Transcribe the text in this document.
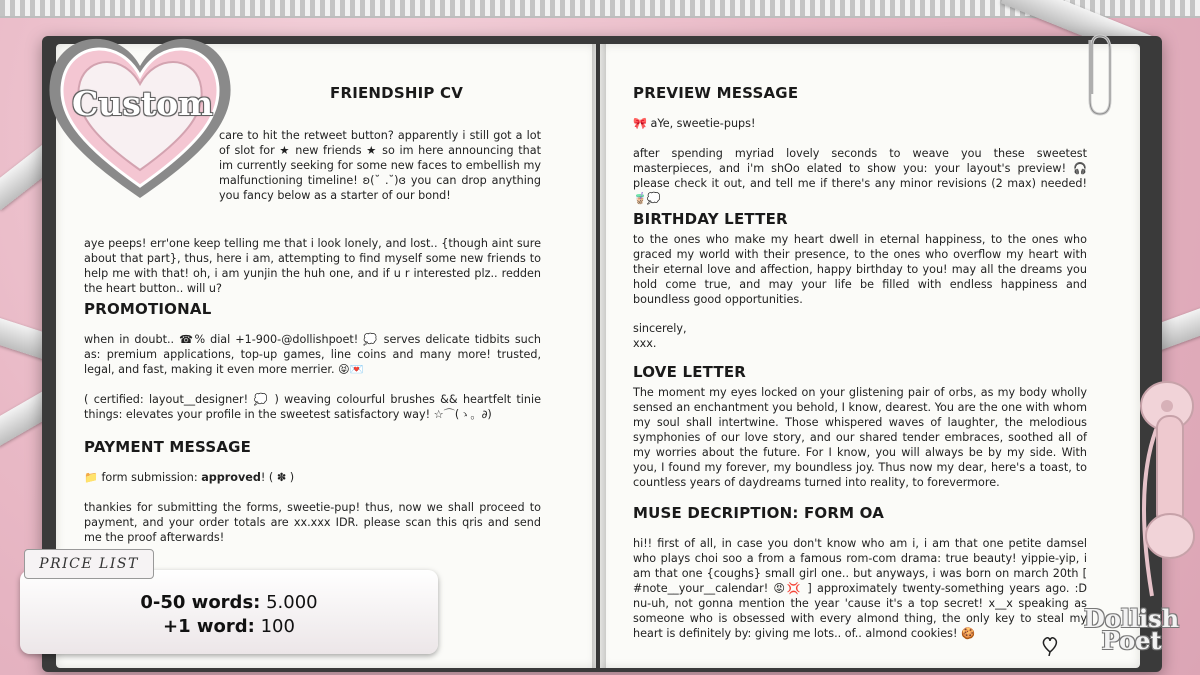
Custom	FRIENDSHIP CV
care to hit the retweet button? apparently i still got a lot of slot for ★ new friends ★ so im here announcing that im currently seeking for some new faces to embellish my malfunctioning timeline! ʚ(˘ .˘)ɞ you can drop anything you fancy below as a starter of our bond!
aye peeps! err'one keep telling me that i look lonely, and lost.. {though aint sure about that part}, thus, here i am, attempting to find myself some new friends to help me with that! oh, i am yunjin the huh one, and if u r interested plz.. redden the heart button.. will u?
PROMOTIONAL
when in doubt.. ☎% dial +1-900-@dollishpoet! 💭 serves delicate tidbits such as: premium applications, top-up games, line coins and many more! trusted, legal, and fast, making it even more merrier. 😝💌
( certified: layout__designer! 💭 ) weaving colourful brushes && heartfelt tinie things: elevates your profile in the sweetest satisfactory way! ☆⌒(ゝ。∂)
PAYMENT MESSAGE
📁 form submission: approved! ( ✽ )
thankies for submitting the forms, sweetie-pup! thus, now we shall proceed to payment, and your order totals are xx.xxx IDR. please scan this qris and send me the proof afterwards!
0-50 words: 5.000
+1 word: 100
PRICE LIST
PREVIEW MESSAGE
🎀 aYe, sweetie-pups!
after spending myriad lovely seconds to weave you these sweetest masterpieces, and i'm shOo elated to show you: your layout's preview! 🎧 please check it out, and tell me if there's any minor revisions (2 max) needed! 🧋💭
BIRTHDAY LETTER
to the ones who make my heart dwell in eternal happiness, to the ones who graced my world with their presence, to the ones who overflow my heart with their eternal love and affection, happy birthday to you! may all the dreams you hold come true, and may your life be filled with endless happiness and boundless good opportunities.
sincerely,
xxx.
LOVE LETTER
The moment my eyes locked on your glistening pair of orbs, as my body wholly sensed an enchantment you behold, I know, dearest. You are the one with whom my soul shall intertwine. Those whispered waves of laughter, the melodious symphonies of our love story, and our shared tender embraces, soothed all of my worries about the future. For I know, you will always be by my side. With you, I found my forever, my boundless joy. Thus now my dear, here's a toast, to countless years of daydreams turned into reality, to forevermore.
MUSE DECRIPTION: FORM OA
hi!! first of all, in case you don't know who am i, i am that one petite damsel who plays choi soo a from a famous rom-com drama: true beauty! yippie-yip, i am that one {coughs} small girl one.. but anyways, i was born on march 20th [ #note__your__calendar! 😡💢 ] approximately twenty-something years ago. :D nu-uh, not gonna mention the year 'cause it's a top secret! x__x speaking as someone who is obsessed with every almond thing, the only key to steal my heart is definitely by: giving me lots.. of.. almond cookies! 🍪
Dollish
Poet
